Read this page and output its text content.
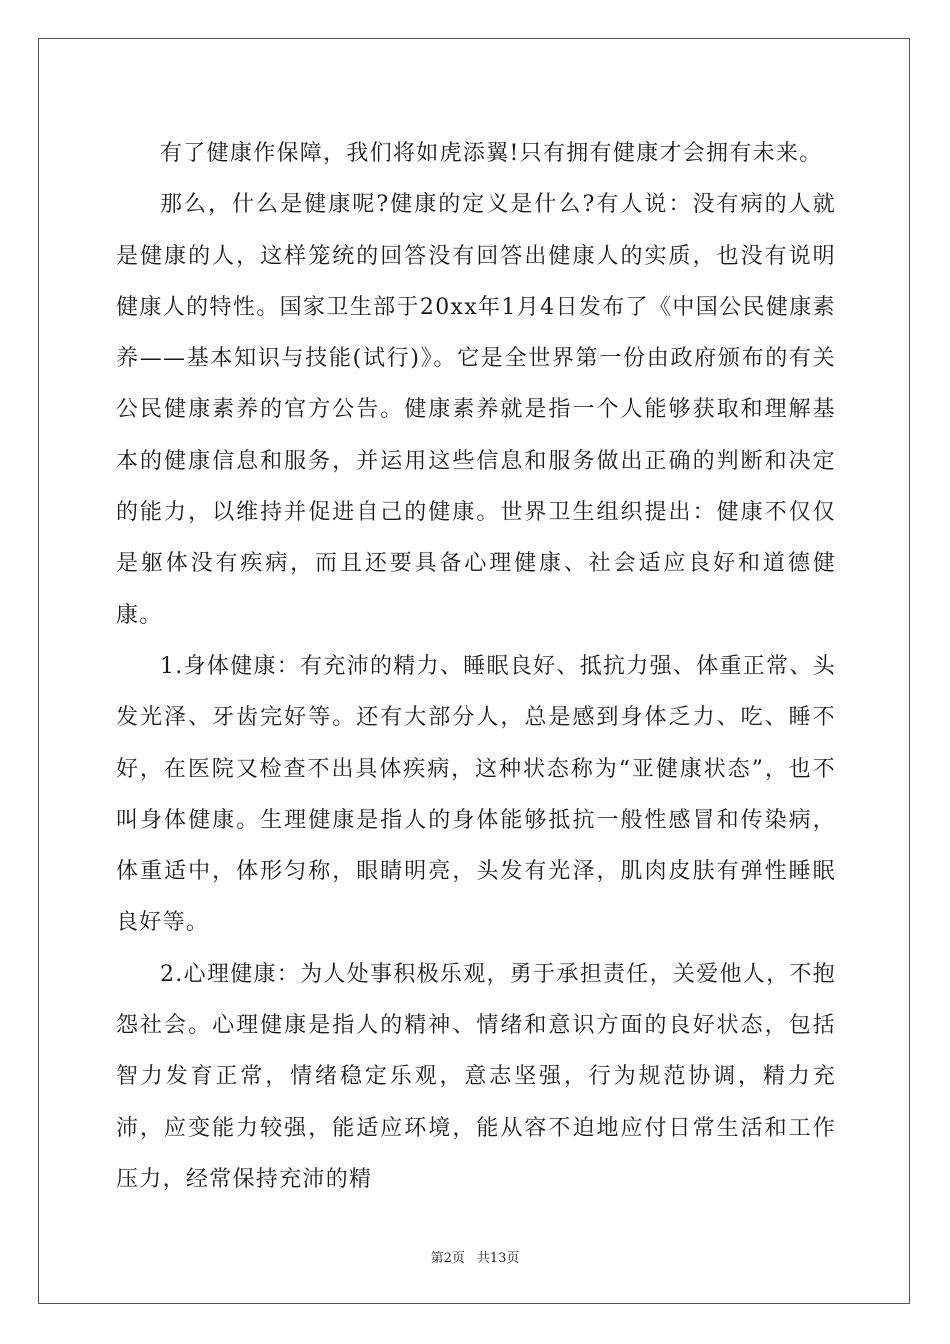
有了健康作保障，我们将如虎添翼!只有拥有健康才会拥有未来。

那么，什么是健康呢?健康的定义是什么?有人说：没有病的人就是健康的人，这样笼统的回答没有回答出健康人的实质，也没有说明健康人的特性。国家卫生部于20xx年1月4日发布了《中国公民健康素养——基本知识与技能(试行)》。它是全世界第一份由政府颁布的有关公民健康素养的官方公告。健康素养就是指一个人能够获取和理解基本的健康信息和服务，并运用这些信息和服务做出正确的判断和决定的能力，以维持并促进自己的健康。世界卫生组织提出：健康不仅仅是躯体没有疾病，而且还要具备心理健康、社会适应良好和道德健康。

1.身体健康：有充沛的精力、睡眠良好、抵抗力强、体重正常、头发光泽、牙齿完好等。还有大部分人，总是感到身体乏力、吃、睡不好，在医院又检查不出具体疾病，这种状态称为“亚健康状态”，也不叫身体健康。生理健康是指人的身体能够抵抗一般性感冒和传染病，体重适中，体形匀称，眼睛明亮，头发有光泽，肌肉皮肤有弹性睡眠良好等。

2.心理健康：为人处事积极乐观，勇于承担责任，关爱他人，不抱怨社会。心理健康是指人的精神、情绪和意识方面的良好状态，包括智力发育正常，情绪稳定乐观，意志坚强，行为规范协调，精力充沛，应变能力较强，能适应环境，能从容不迫地应付日常生活和工作压力，经常保持充沛的精

第2页 共13页
